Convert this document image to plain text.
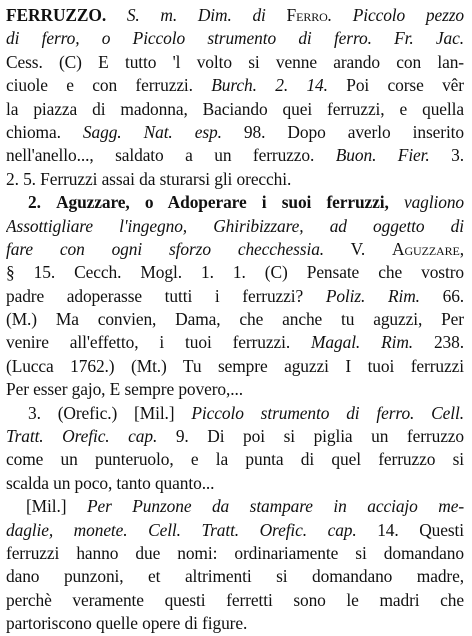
FERRUZZO. S. m. Dim. di Ferro. Piccolo pezzo
di ferro, o Piccolo strumento di ferro. Fr. Jac.
Cess. (C) E tutto 'l volto si venne arando con lan-
ciuole e con ferruzzi. Burch. 2. 14. Poi corse vêr
la piazza di madonna, Baciando quei ferruzzi, e quella
chioma. Sagg. Nat. esp. 98. Dopo averlo inserito
nell'anello..., saldato a un ferruzzo. Buon. Fier. 3.
2. 5. Ferruzzi assai da sturarsi gli orecchi.
2. Aguzzare, o Adoperare i suoi ferruzzi, vagliono
Assottigliare l'ingegno, Ghiribizzare, ad oggetto di
fare con ogni sforzo checchessia. V. Aguzzare,
§ 15. Cecch. Mogl. 1. 1. (C) Pensate che vostro
padre adoperasse tutti i ferruzzi? Poliz. Rim. 66.
(M.) Ma convien, Dama, che anche tu aguzzi, Per
venire all'effetto, i tuoi ferruzzi. Magal. Rim. 238.
(Lucca 1762.) (Mt.) Tu sempre aguzzi I tuoi ferruzzi
Per esser gajo, E sempre povero,...
3. (Orefic.) [Mil.] Piccolo strumento di ferro. Cell.
Tratt. Orefic. cap. 9. Di poi si piglia un ferruzzo
come un punteruolo, e la punta di quel ferruzzo si
scalda un poco, tanto quanto...
[Mil.] Per Punzone da stampare in acciajo me-
daglie, monete. Cell. Tratt. Orefic. cap. 14. Questi
ferruzzi hanno due nomi: ordinariamente si domandano
dano punzoni, et altrimenti si domandano madre,
perchè veramente questi ferretti sono le madri che
partoriscono quelle opere di figure.
